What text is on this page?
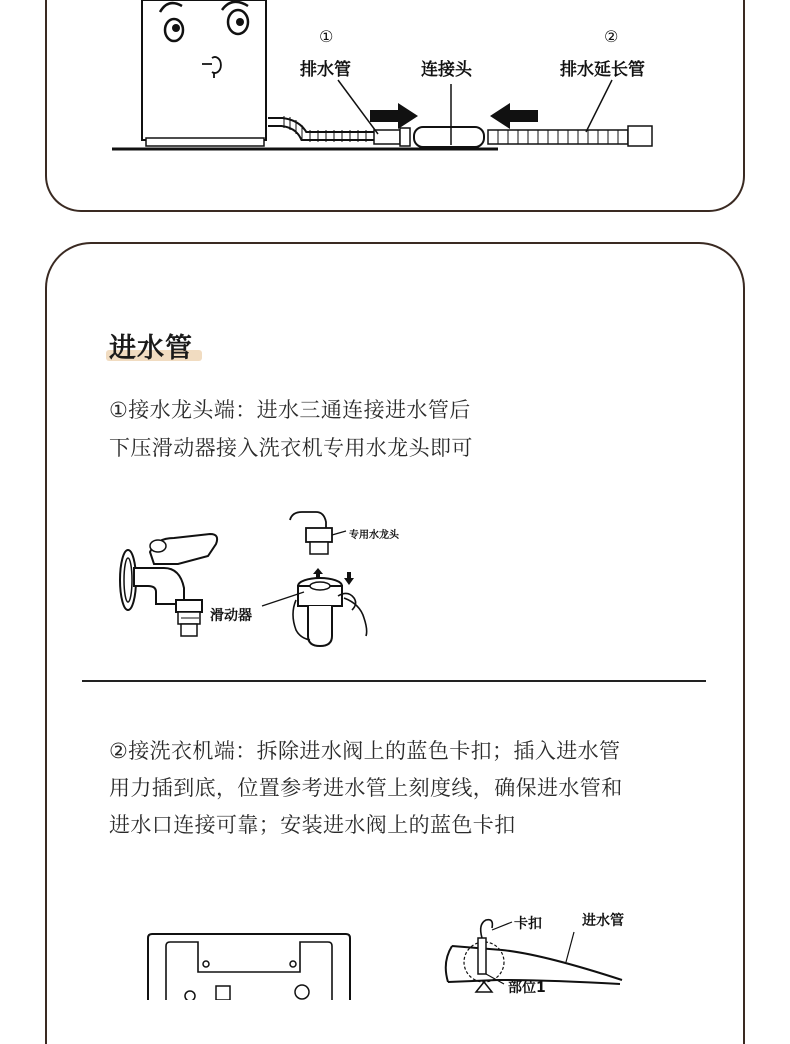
①	②
排水管	连接头	排水延长管
进水管
①接水龙头端：进水三通连接进水管后
下压滑动器接入洗衣机专用水龙头即可
专用水龙头
滑动器
②接洗衣机端：拆除进水阀上的蓝色卡扣；插入进水管
用力插到底，位置参考进水管上刻度线，确保进水管和
进水口连接可靠；安装进水阀上的蓝色卡扣
卡扣	进水管
部位1
